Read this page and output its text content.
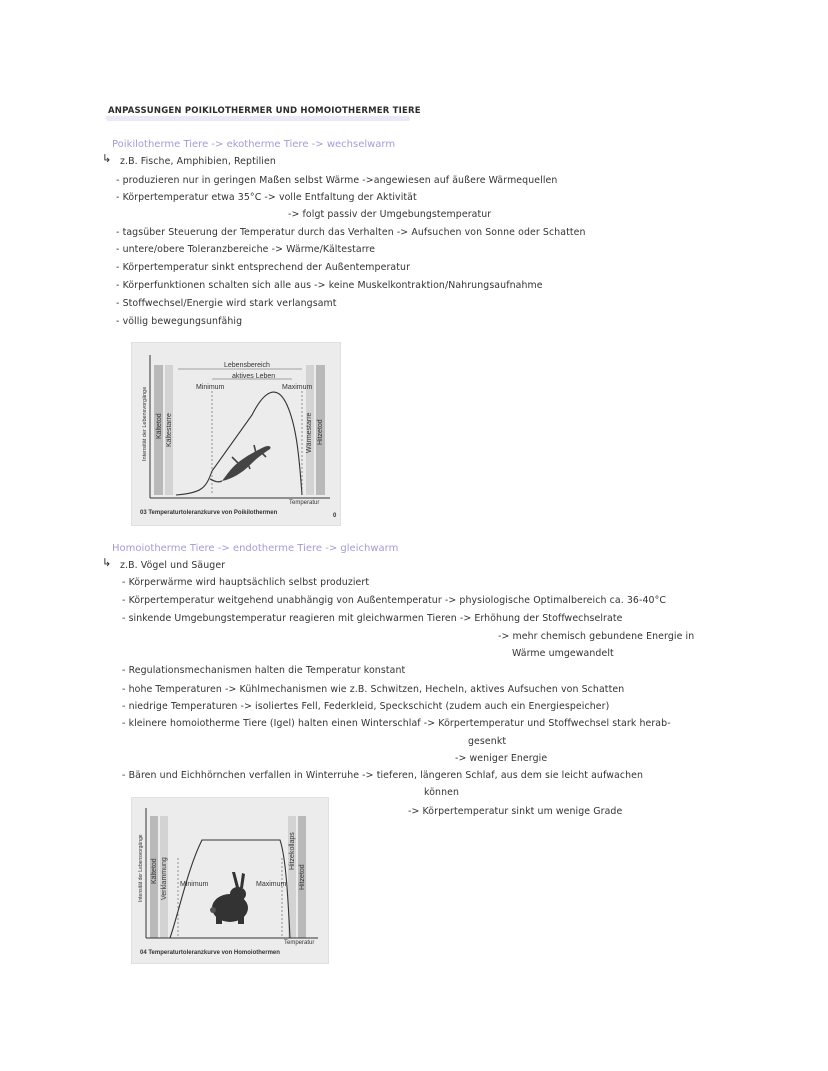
ANPASSUNGEN POIKILOTHERMER UND HOMOIOTHERMER TIERE
Poikilotherme Tiere -> ekotherme Tiere -> wechselwarm
↳ z.B. Fische, Amphibien, Reptilien
- produzieren nur in geringen Maßen selbst Wärme ->angewiesen auf äußere Wärmequellen
- Körpertemperatur etwa 35°C -> volle Entfaltung der Aktivität
-> folgt passiv der Umgebungstemperatur
- tagsüber Steuerung der Temperatur durch das Verhalten -> Aufsuchen von Sonne oder Schatten
- untere/obere Toleranzbereiche -> Wärme/Kältestarre
- Körpertemperatur sinkt entsprechend der Außentemperatur
- Körperfunktionen schalten sich alle aus -> keine Muskelkontraktion/Nahrungsaufnahme
- Stoffwechsel/Energie wird stark verlangsamt
- völlig bewegungsunfähig
Lebensbereich
aktives Leben
Minimum	Maximum
Intensität der Lebensvorgänge Kältetod Kältestarre	Wärmestarre Hitzetod
Temperatur
03 Temperaturtoleranzkurve von Poikilothermen	0
Homoiotherme Tiere -> endotherme Tiere -> gleichwarm
↳ z.B. Vögel und Säuger
- Körperwärme wird hauptsächlich selbst produziert
- Körpertemperatur weitgehend unabhängig von Außentemperatur -> physiologische Optimalbereich ca. 36-40°C
- sinkende Umgebungstemperatur reagieren mit gleichwarmen Tieren -> Erhöhung der Stoffwechselrate
-> mehr chemisch gebundene Energie in
Wärme umgewandelt
- Regulationsmechanismen halten die Temperatur konstant
- hohe Temperaturen -> Kühlmechanismen wie z.B. Schwitzen, Hecheln, aktives Aufsuchen von Schatten
- niedrige Temperaturen -> isoliertes Fell, Federkleid, Speckschicht (zudem auch ein Energiespeicher)
- kleinere homoiotherme Tiere (Igel) halten einen Winterschlaf -> Körpertemperatur und Stoffwechsel stark herab-
gesenkt
-> weniger Energie
- Bären und Eichhörnchen verfallen in Winterruhe -> tieferen, längeren Schlaf, aus dem sie leicht aufwachen
können
-> Körpertemperatur sinkt um wenige Grade
Minimum	Maximum
Intensität der Lebensvorgänge Kältetod Verklammung
Hitzekollaps
Hitzetod
Temperatur
04 Temperaturtoleranzkurve von Homoiothermen
